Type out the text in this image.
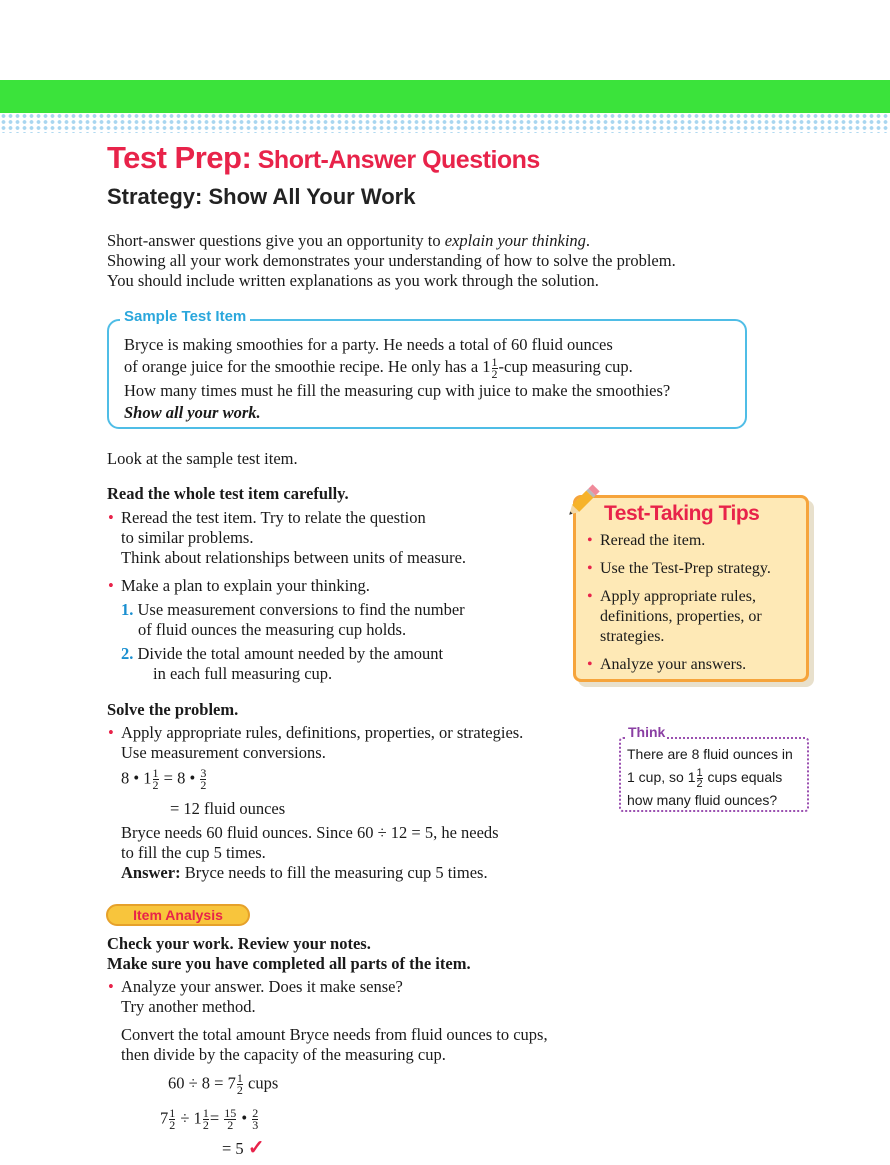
Test Prep: Short-Answer Questions
Strategy: Show All Your Work
Short-answer questions give you an opportunity to explain your thinking.
Showing all your work demonstrates your understanding of how to solve the problem.
You should include written explanations as you work through the solution.
Sample Test Item
Bryce is making smoothies for a party. He needs a total of 60 fluid ounces
of orange juice for the smoothie recipe. He only has a $1 \frac{1}{2} -cup$ measuring cup.
How many times must he fill the measuring cup with juice to make the smoothies?
Show all your work.
Look at the sample test item.
Read the whole test item carefully.
• Reread the test item. Try to relate the question
to similar problems.
Think about relationships between units of measure.
• Make a plan to explain your thinking.
1. Use measurement conversions to find the number
of fluid ounces the measuring cup holds.
2. Divide the total amount needed by the amount
in each full measuring cup.
Test-Taking Tips
• Reread the item.
• Use the Test-Prep strategy.
• Apply appropriate rules,
definitions, properties, or
strategies.
• Analyze your answers.
Solve the problem.
• Apply appropriate rules, definitions, properties, or strategies.
Use measurement conversions.
8 • $1 \frac{1}{2} = 8$ • $\frac{3}{2}$
= 12 fluid ounces
Bryce needs 60 fluid ounces. Since 60 ÷ 12 = 5, he needs
to fill the cup 5 times.
Answer: Bryce needs to fill the measuring cup 5 times.
Think
There are 8 fluid ounces in
1 cup, so $1 \frac{1}{2}$ cups equals
how many fluid ounces?
Item Analysis
Check your work. Review your notes.
Make sure you have completed all parts of the item.
• Analyze your answer. Does it make sense?
Try another method.
Convert the total amount Bryce needs from fluid ounces to cups,
then divide by the capacity of the measuring cup.
$60 \div 8 = 7 \frac{1}{2}$ cups
$7 \frac{1}{2} \div 1 \frac{1}{2} = \frac{15}{2}$ • $\frac{2}{3}$
= 5 ✓
